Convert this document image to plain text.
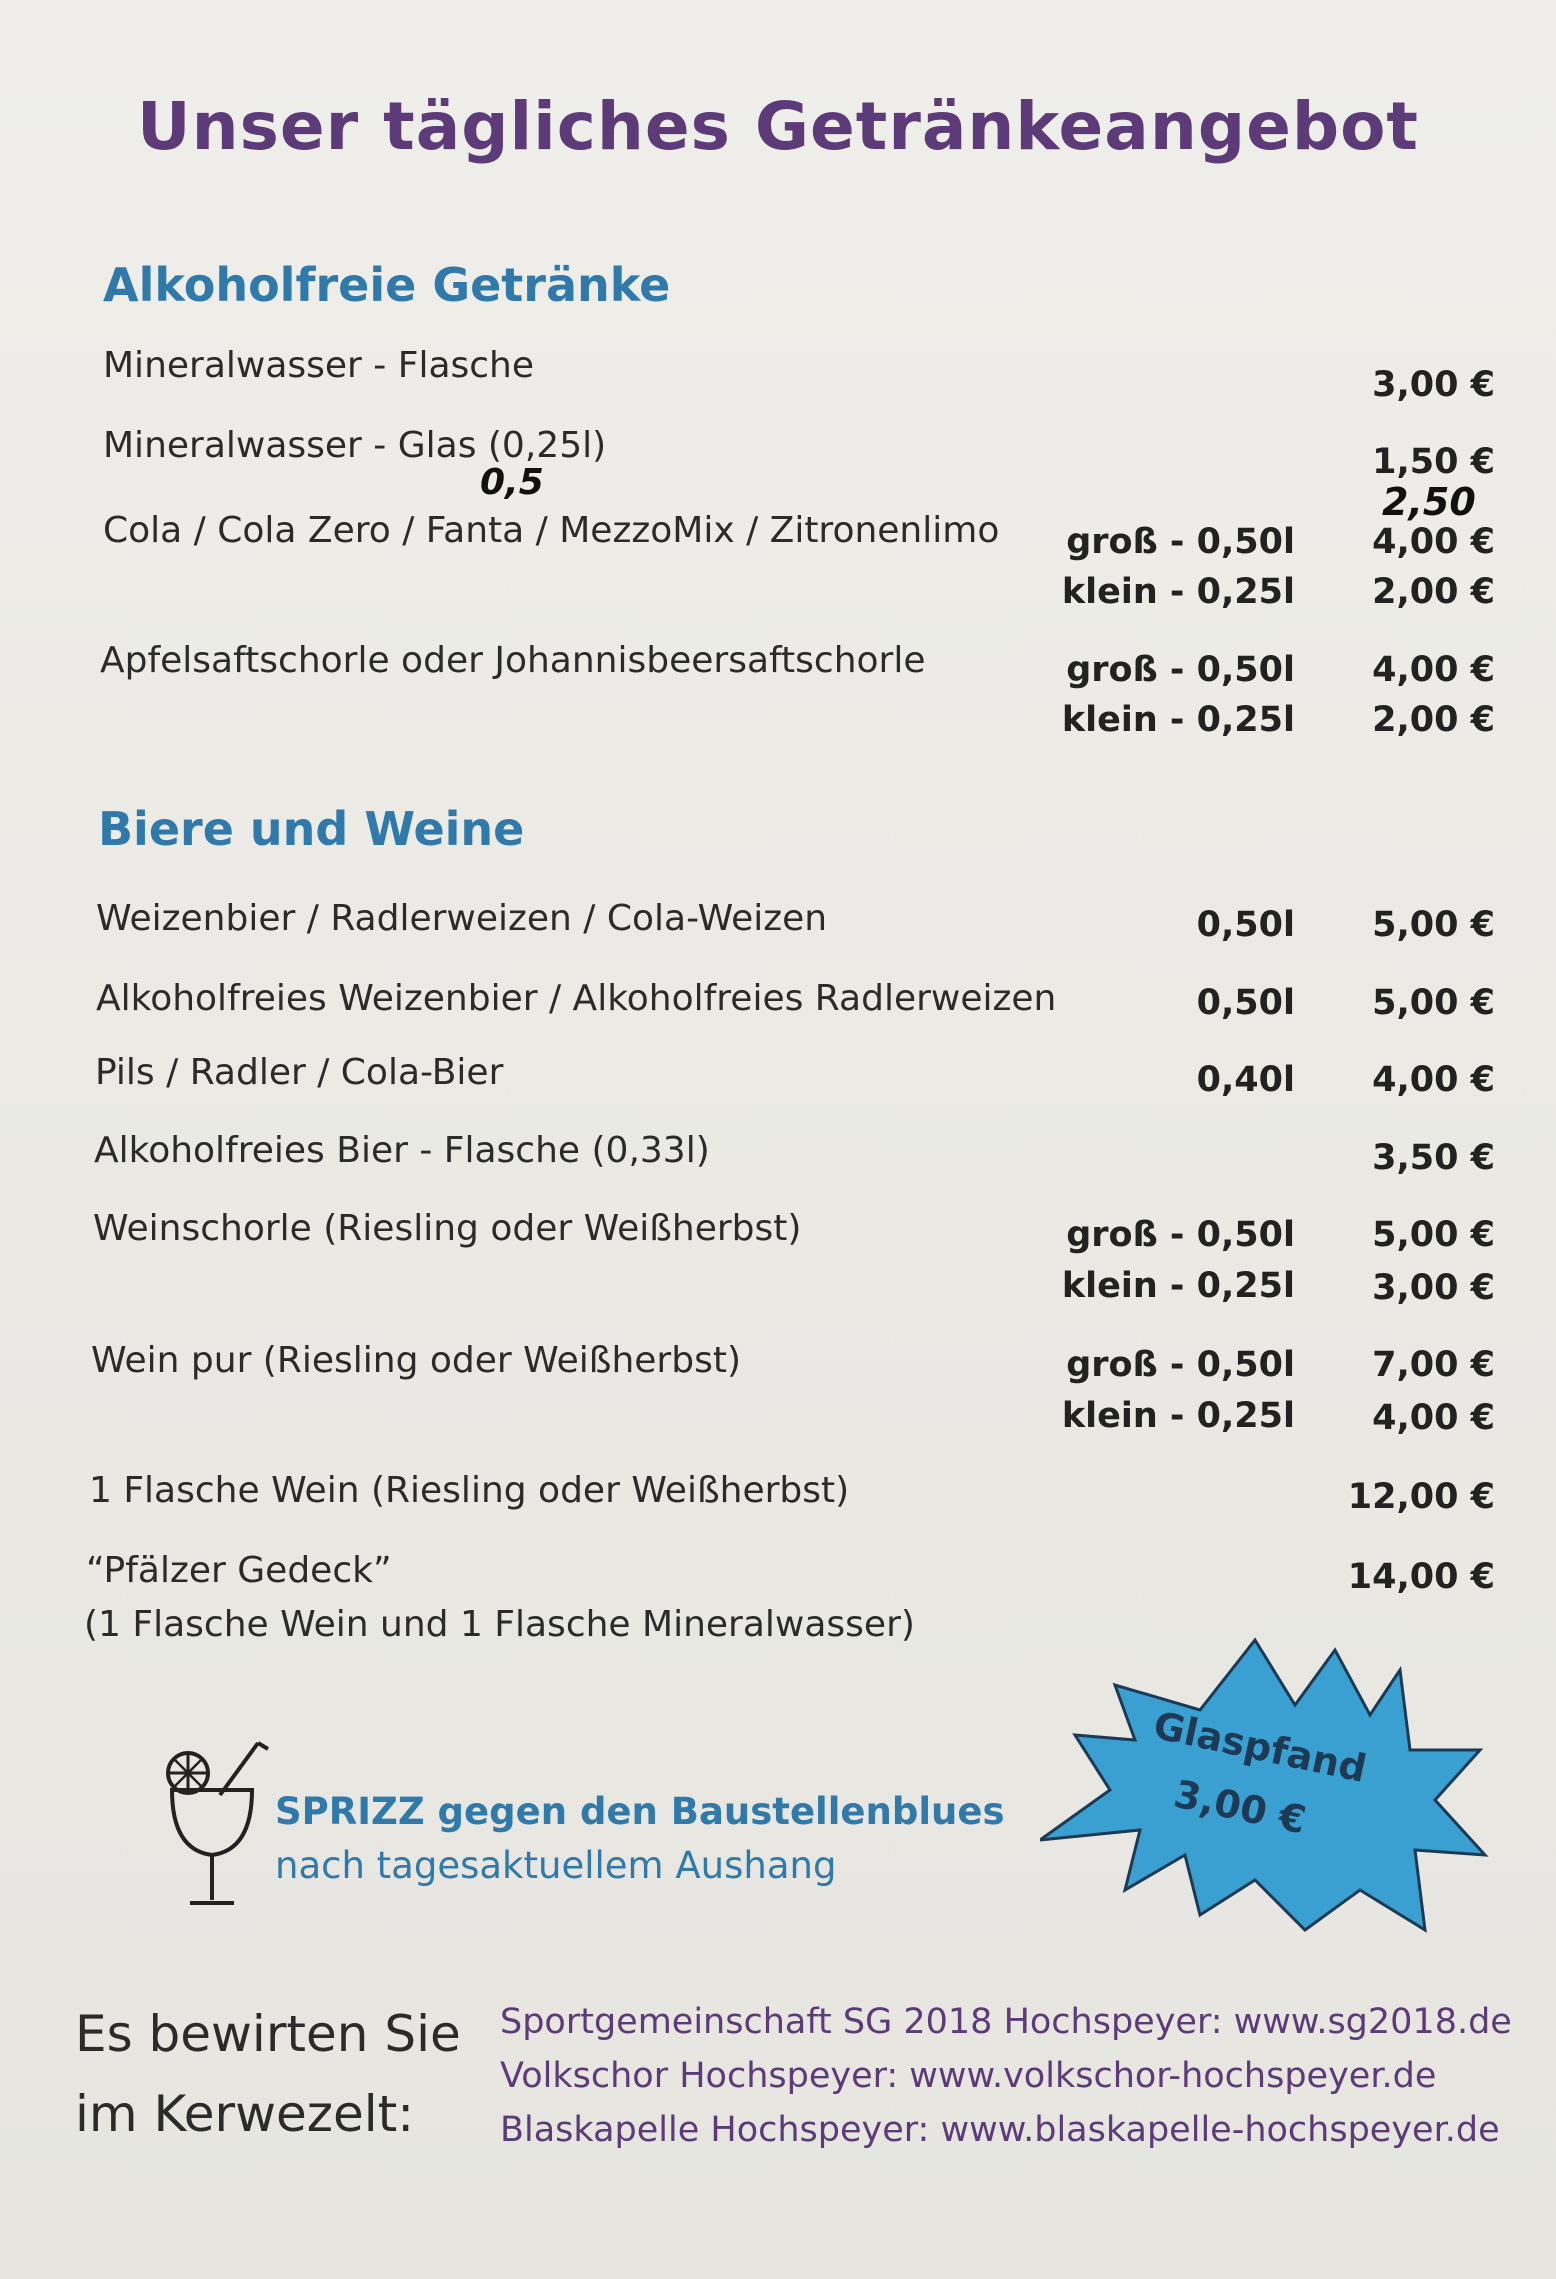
Unser tägliches Getränkeangebot
Alkoholfreie Getränke
Mineralwasser - Flasche	3,00 €
Mineralwasser - Glas (0,25l)	1,50 €
0,5	2,50
Cola / Cola Zero / Fanta / MezzoMix / Zitronenlimo	groß - 0,50l	4,00 €
klein - 0,25l	2,00 €
Apfelsaftschorle oder Johannisbeersaftschorle	groß - 0,50l	4,00 €
klein - 0,25l	2,00 €
Biere und Weine
Weizenbier / Radlerweizen / Cola-Weizen	0,50l	5,00 €
Alkoholfreies Weizenbier / Alkoholfreies Radlerweizen	0,50l	5,00 €
Pils / Radler / Cola-Bier	0,40l	4,00 €
Alkoholfreies Bier - Flasche (0,33l)	3,50 €
Weinschorle (Riesling oder Weißherbst)	groß - 0,50l	5,00 €
klein - 0,25l	3,00 €
Wein pur (Riesling oder Weißherbst)	groß - 0,50l	7,00 €
klein - 0,25l	4,00 €
1 Flasche Wein (Riesling oder Weißherbst)	12,00 €
“Pfälzer Gedeck”	14,00 €
(1 Flasche Wein und 1 Flasche Mineralwasser)
SPRIZZ gegen den Baustellenblues
nach tagesaktuellem Aushang
Glaspfand
3,00 €
Es bewirten Sie
im Kerwezelt:
Sportgemeinschaft SG 2018 Hochspeyer: www.sg2018.de
Volkschor Hochspeyer: www.volkschor-hochspeyer.de
Blaskapelle Hochspeyer: www.blaskapelle-hochspeyer.de
